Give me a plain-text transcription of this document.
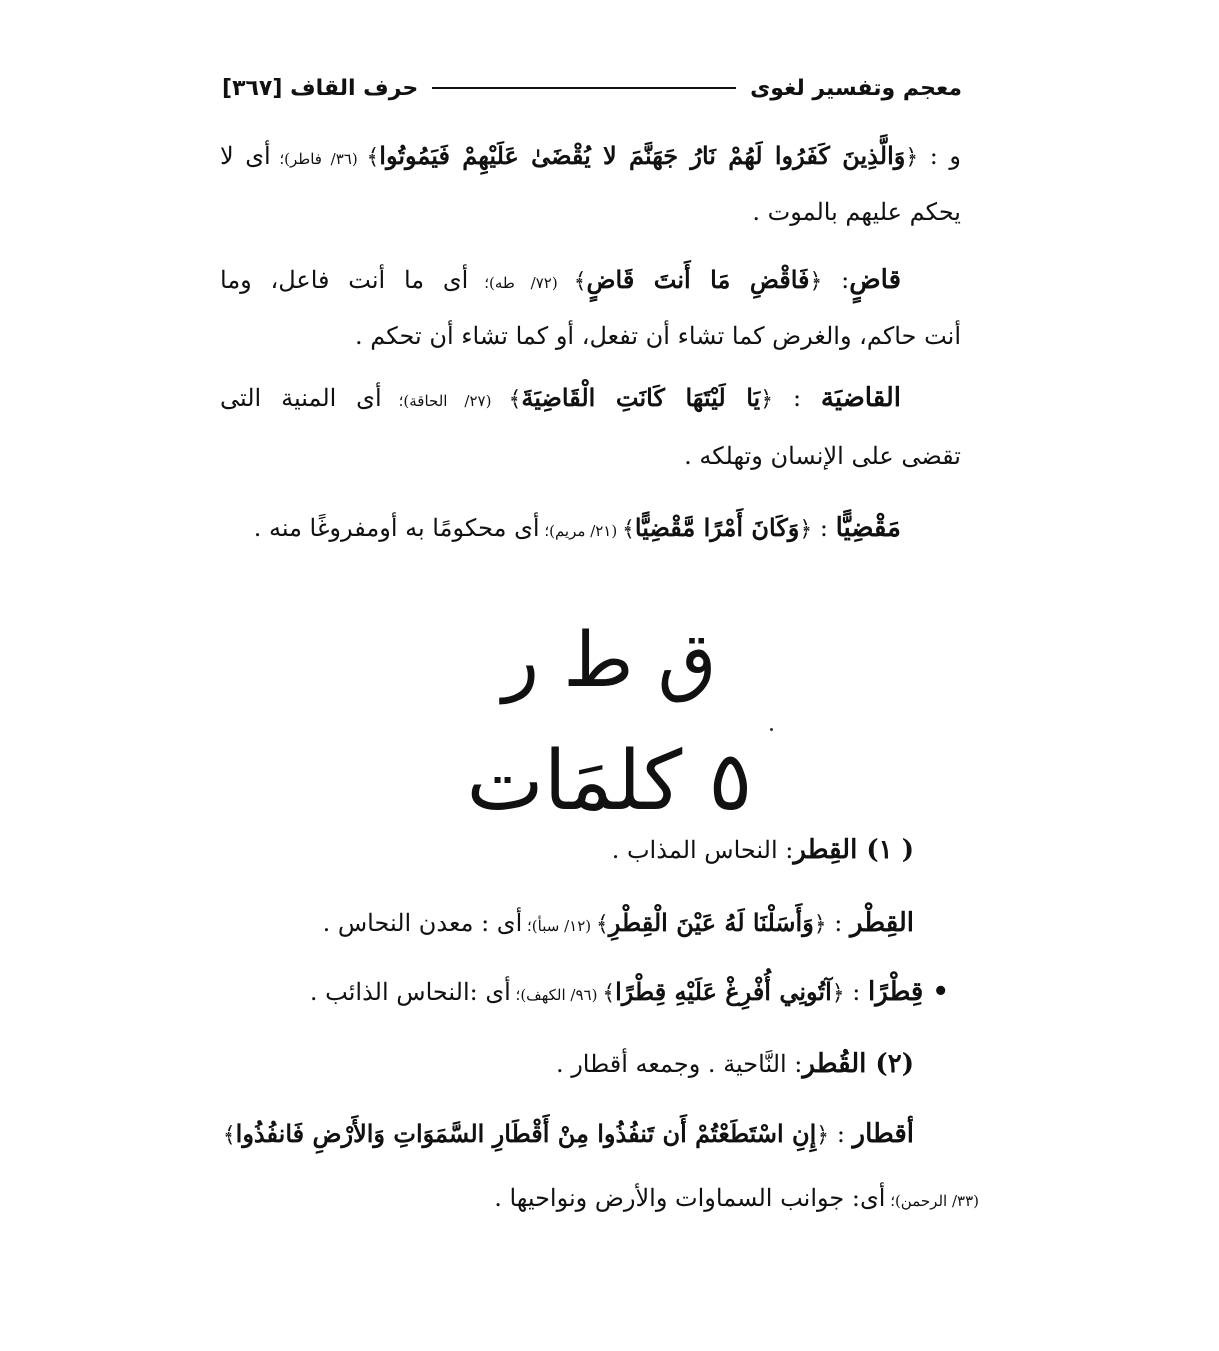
معجم وتفسير لغوى
حرف القاف [٣٦٧]
و : ﴿وَالَّذِينَ كَفَرُوا لَهُمْ نَارُ جَهَنَّمَ لا يُقْضَىٰ عَلَيْهِمْ فَيَمُوتُوا﴾ (٣٦/ فاطر)؛ أى لا
يحكم عليهم بالموت .
قاضٍ: ﴿فَاقْضِ مَا أَنتَ قَاضٍ﴾ (٧٢/ طه)؛ أى ما أنت فاعل، وما
أنت حاكم، والغرض كما تشاء أن تفعل، أو كما تشاء أن تحكم .
القاضيَة : ﴿يَا لَيْتَهَا كَانَتِ الْقَاضِيَةَ﴾ (٢٧/ الحاقة)؛ أى المنية التى
تقضى على الإنسان وتهلكه .
مَقْضِيًّا : ﴿وَكَانَ أَمْرًا مَّقْضِيًّا﴾ (٢١/ مريم)؛ أى محكومًا به أومفروغًا منه .
ق ط ر
٥ كلمَات
( ١) القِطر: النحاس المذاب .
القِطْر : ﴿وَأَسَلْنَا لَهُ عَيْنَ الْقِطْرِ﴾ (١٢/ سبأ)؛ أى : معدن النحاس .
• قِطْرًا : ﴿آتُونِي أُفْرِغْ عَلَيْهِ قِطْرًا﴾ (٩٦/ الكهف)؛ أى :النحاس الذائب .
(٢) القُطر: النَّاحية . وجمعه أقطار .
أقطار : ﴿إِنِ اسْتَطَعْتُمْ أَن تَنفُذُوا مِنْ أَقْطَارِ السَّمَوَاتِ وَالأَرْضِ فَانفُذُوا﴾
(٣٣/ الرحمن)؛ أى: جوانب السماوات والأرض ونواحيها .
